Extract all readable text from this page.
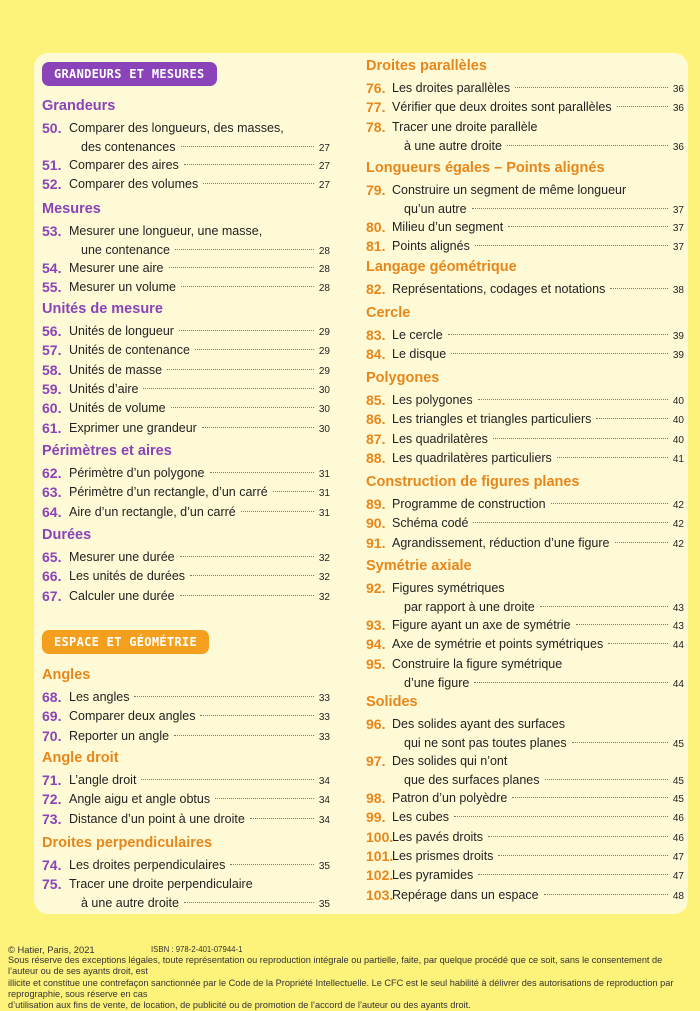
GRANDEURS ET MESURES
ESPACE ET GÉOMÉTRIE
Grandeurs
50. Comparer des longueurs, des masses,
des contenances	27
51. Comparer des aires	27
52. Comparer des volumes	27
Mesures
53. Mesurer une longueur, une masse,
une contenance	28
54. Mesurer une aire	28
55. Mesurer un volume	28
Unités de mesure
56. Unités de longueur	29
57. Unités de contenance	29
58. Unités de masse	29
59. Unités d’aire	30
60. Unités de volume	30
61. Exprimer une grandeur	30
Périmètres et aires
62. Périmètre d’un polygone	31
63. Périmètre d’un rectangle, d’un carré	31
64. Aire d’un rectangle, d’un carré	31
Durées
65. Mesurer une durée	32
66. Les unités de durées	32
67. Calculer une durée	32
Angles
68. Les angles	33
69. Comparer deux angles	33
70. Reporter un angle	33
Angle droit
71. L’angle droit	34
72. Angle aigu et angle obtus	34
73. Distance d’un point à une droite	34
Droites perpendiculaires
74. Les droites perpendiculaires	35
75. Tracer une droite perpendiculaire
à une autre droite	35
Droites parallèles
76. Les droites parallèles	36
77. Vérifier que deux droites sont parallèles	36
78. Tracer une droite parallèle
à une autre droite	36
Longueurs égales – Points alignés
79. Construire un segment de même longueur
qu’un autre	37
80. Milieu d’un segment	37
81. Points alignés	37
Langage géométrique
82. Représentations, codages et notations	38
Cercle
83. Le cercle	39
84. Le disque	39
Polygones
85. Les polygones	40
86. Les triangles et triangles particuliers	40
87. Les quadrilatères	40
88. Les quadrilatères particuliers	41
Construction de figures planes
89. Programme de construction	42
90. Schéma codé	42
91. Agrandissement, réduction d’une figure	42
Symétrie axiale
92. Figures symétriques
par rapport à une droite	43
93. Figure ayant un axe de symétrie	43
94. Axe de symétrie et points symétriques	44
95. Construire la figure symétrique
d’une figure	44
Solides
96. Des solides ayant des surfaces
qui ne sont pas toutes planes	45
97. Des solides qui n’ont
que des surfaces planes	45
98. Patron d’un polyèdre	45
99. Les cubes	46
100.
Les pavés droits	46
101.
Les prismes droits	47
102.
Les pyramides	47
103.
Repérage dans un espace	48
© Hatier, Paris, 2021	ISBN : 978-2-401-07944-1
Sous réserve des exceptions légales, toute représentation ou reproduction intégrale ou partielle, faite, par quelque procédé que ce soit, sans le consentement de l’auteur ou de ses ayants droit, est
illicite et constitue une contrefaçon sanctionnée par le Code de la Propriété Intellectuelle. Le CFC est le seul habilité à délivrer des autorisations de reproduction par reprographie, sous réserve en cas
d’utilisation aux fins de vente, de location, de publicité ou de promotion de l’accord de l’auteur ou des ayants droit.
